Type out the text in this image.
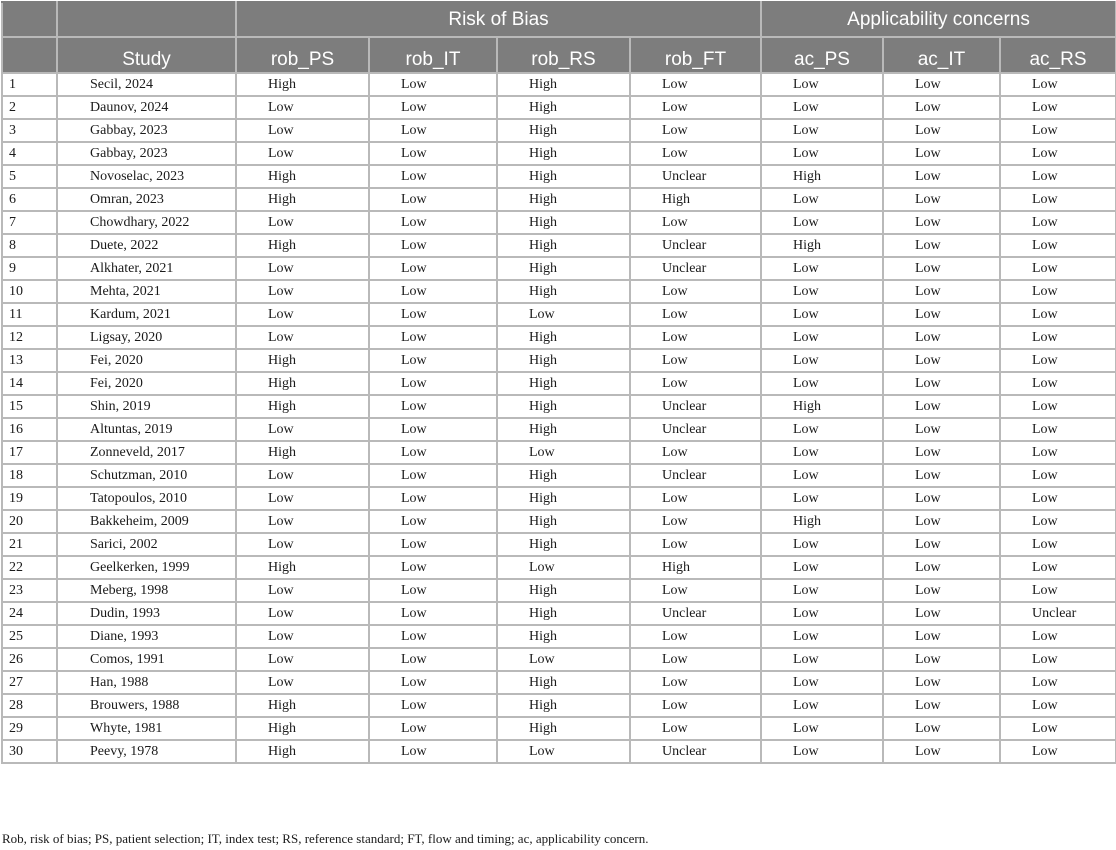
		Risk of Bias				Applicability concerns		
	Study	rob_PS	rob_IT	rob_RS	rob_FT	ac_PS	ac_IT	ac_RS
1	Secil, 2024	High	Low	High	Low	Low	Low	Low
2	Daunov, 2024	Low	Low	High	Low	Low	Low	Low
3	Gabbay, 2023	Low	Low	High	Low	Low	Low	Low
4	Gabbay, 2023	Low	Low	High	Low	Low	Low	Low
5	Novoselac, 2023	High	Low	High	Unclear	High	Low	Low
6	Omran, 2023	High	Low	High	High	Low	Low	Low
7	Chowdhary, 2022	Low	Low	High	Low	Low	Low	Low
8	Duete, 2022	High	Low	High	Unclear	High	Low	Low
9	Alkhater, 2021	Low	Low	High	Unclear	Low	Low	Low
10	Mehta, 2021	Low	Low	High	Low	Low	Low	Low
11	Kardum, 2021	Low	Low	Low	Low	Low	Low	Low
12	Ligsay, 2020	Low	Low	High	Low	Low	Low	Low
13	Fei, 2020	High	Low	High	Low	Low	Low	Low
14	Fei, 2020	High	Low	High	Low	Low	Low	Low
15	Shin, 2019	High	Low	High	Unclear	High	Low	Low
16	Altuntas, 2019	Low	Low	High	Unclear	Low	Low	Low
17	Zonneveld, 2017	High	Low	Low	Low	Low	Low	Low
18	Schutzman, 2010	Low	Low	High	Unclear	Low	Low	Low
19	Tatopoulos, 2010	Low	Low	High	Low	Low	Low	Low
20	Bakkeheim, 2009	Low	Low	High	Low	High	Low	Low
21	Sarici, 2002	Low	Low	High	Low	Low	Low	Low
22	Geelkerken, 1999	High	Low	Low	High	Low	Low	Low
23	Meberg, 1998	Low	Low	High	Low	Low	Low	Low
24	Dudin, 1993	Low	Low	High	Unclear	Low	Low	Unclear
25	Diane, 1993	Low	Low	High	Low	Low	Low	Low
26	Comos, 1991	Low	Low	Low	Low	Low	Low	Low
27	Han, 1988	Low	Low	High	Low	Low	Low	Low
28	Brouwers, 1988	High	Low	High	Low	Low	Low	Low
29	Whyte, 1981	High	Low	High	Low	Low	Low	Low
30	Peevy, 1978	High	Low	Low	Unclear	Low	Low	Low
Rob, risk of bias; PS, patient selection; IT, index test; RS, reference standard; FT, flow and timing; ac, applicability concern.
